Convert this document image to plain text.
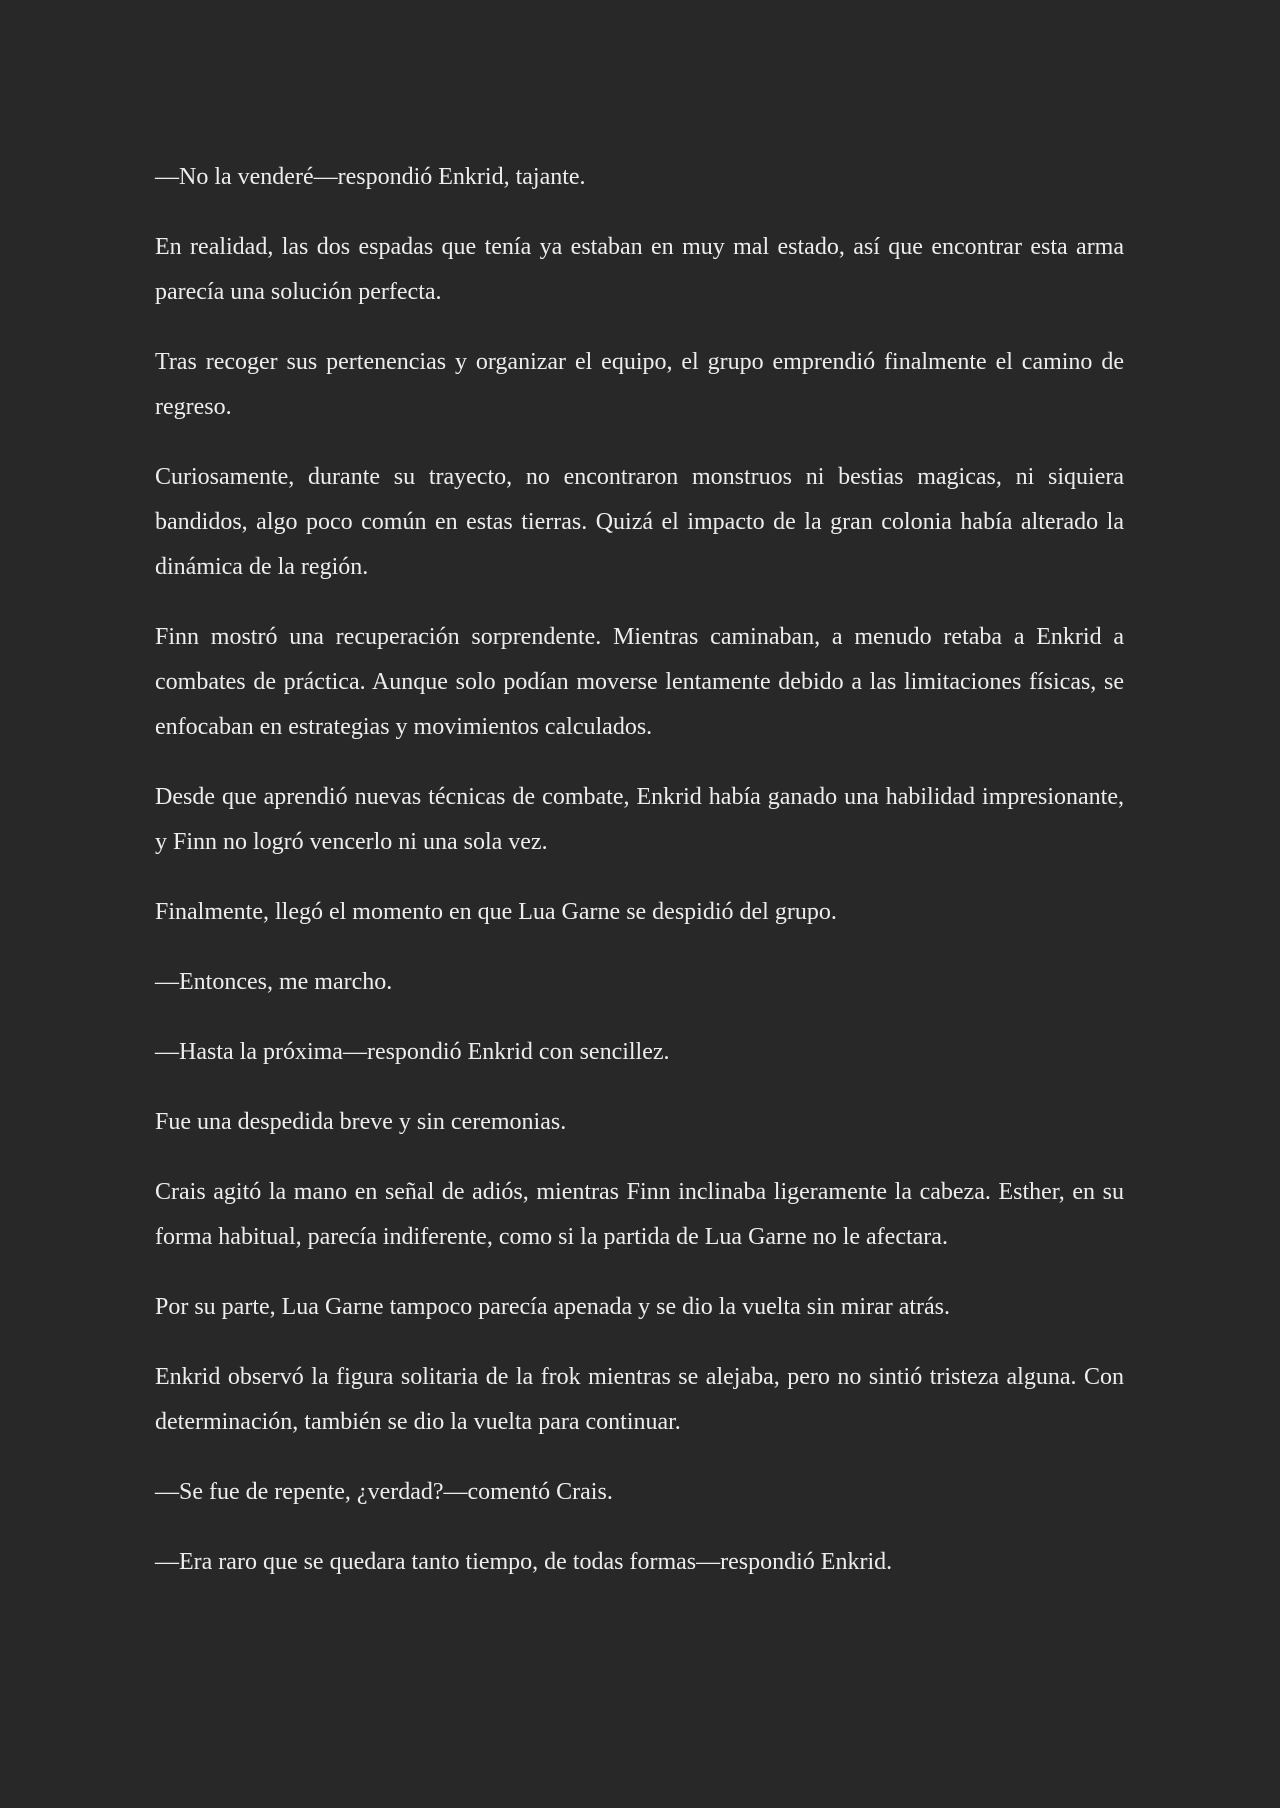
—No la venderé—respondió Enkrid, tajante.

En realidad, las dos espadas que tenía ya estaban en muy mal estado, así que encontrar esta arma parecía una solución perfecta.

Tras recoger sus pertenencias y organizar el equipo, el grupo emprendió finalmente el camino de regreso.

Curiosamente, durante su trayecto, no encontraron monstruos ni bestias magicas, ni siquiera bandidos, algo poco común en estas tierras. Quizá el impacto de la gran colonia había alterado la dinámica de la región.

Finn mostró una recuperación sorprendente. Mientras caminaban, a menudo retaba a Enkrid a combates de práctica. Aunque solo podían moverse lentamente debido a las limitaciones físicas, se enfocaban en estrategias y movimientos calculados.

Desde que aprendió nuevas técnicas de combate, Enkrid había ganado una habilidad impresionante, y Finn no logró vencerlo ni una sola vez.

Finalmente, llegó el momento en que Lua Garne se despidió del grupo.

—Entonces, me marcho.

—Hasta la próxima—respondió Enkrid con sencillez.

Fue una despedida breve y sin ceremonias.

Crais agitó la mano en señal de adiós, mientras Finn inclinaba ligeramente la cabeza. Esther, en su forma habitual, parecía indiferente, como si la partida de Lua Garne no le afectara.

Por su parte, Lua Garne tampoco parecía apenada y se dio la vuelta sin mirar atrás.

Enkrid observó la figura solitaria de la frok mientras se alejaba, pero no sintió tristeza alguna. Con determinación, también se dio la vuelta para continuar.

—Se fue de repente, ¿verdad?—comentó Crais.

—Era raro que se quedara tanto tiempo, de todas formas—respondió Enkrid.
